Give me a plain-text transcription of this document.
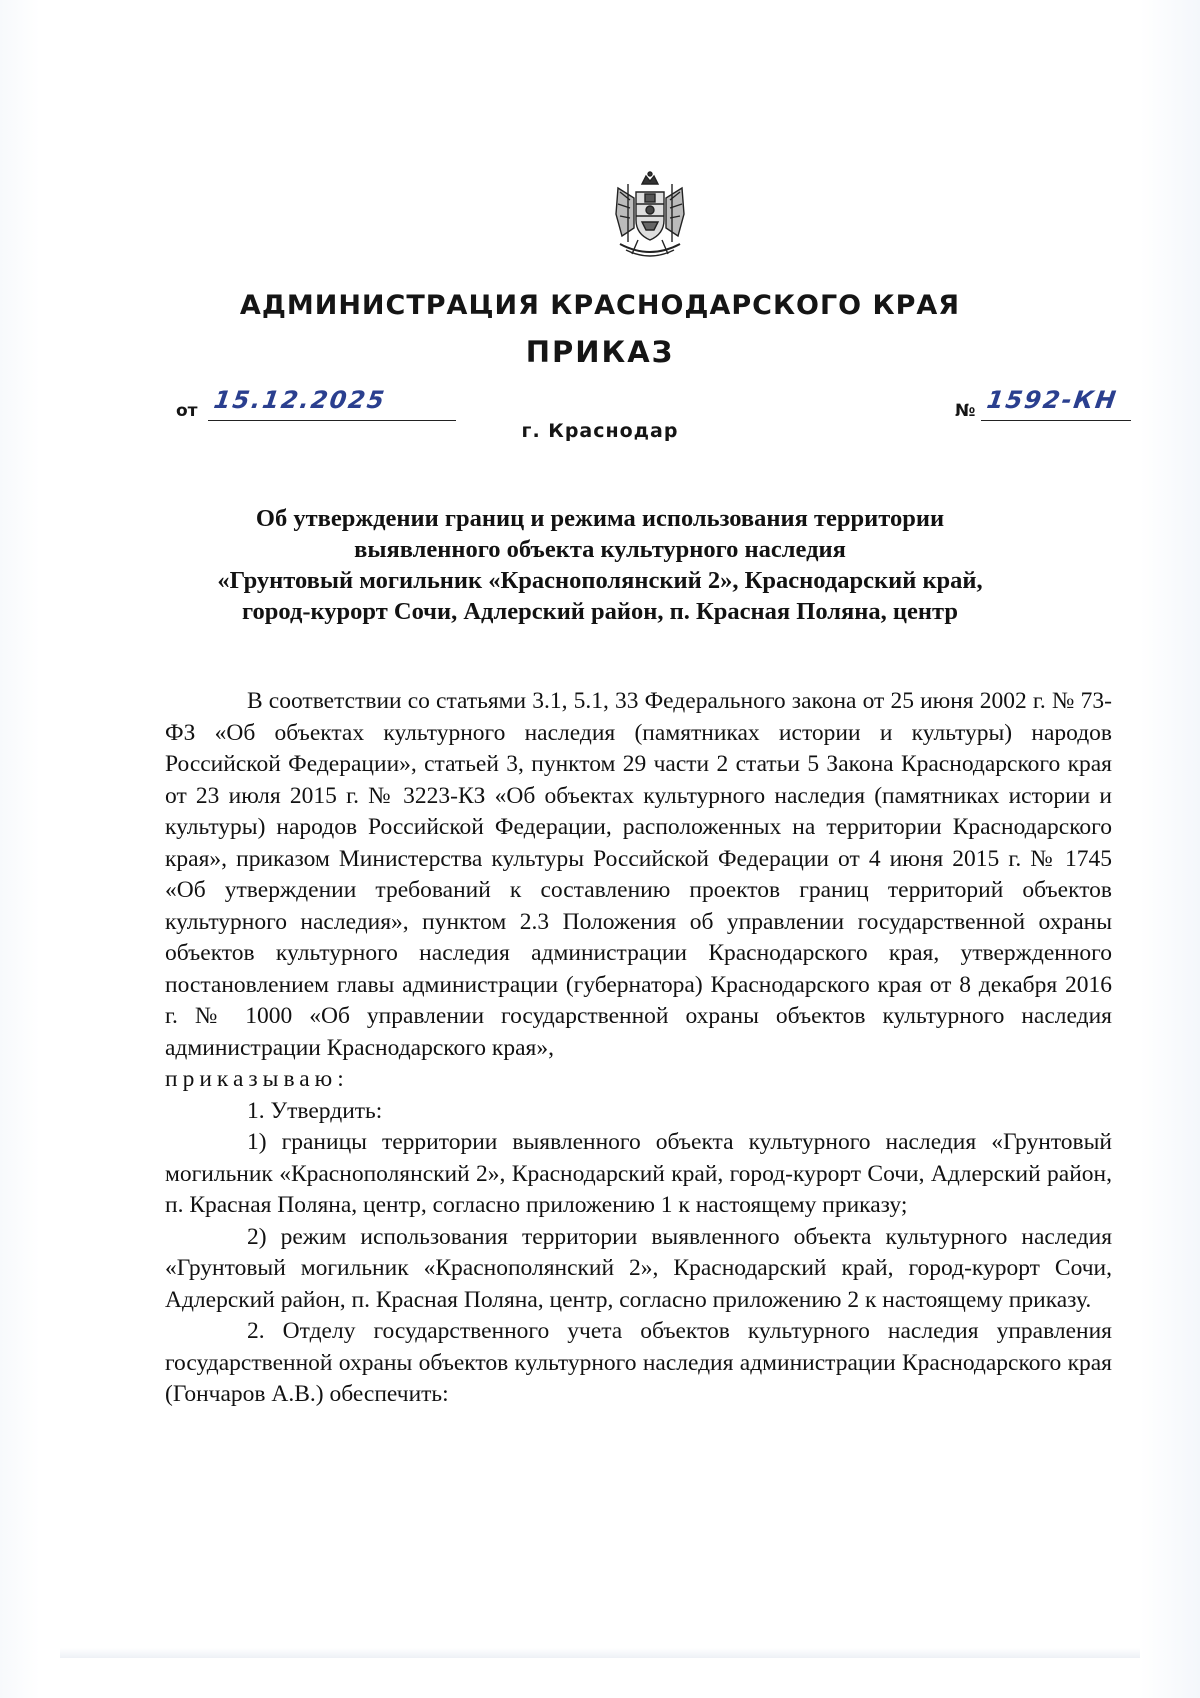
АДМИНИСТРАЦИЯ КРАСНОДАРСКОГО КРАЯ
ПРИКАЗ
от 15.12.2025	№ 1592-КН
г. Краснодар
Об утверждении границ и режима использования территории
выявленного объекта культурного наследия
«Грунтовый могильник «Краснополянский 2», Краснодарский край,
город-курорт Сочи, Адлерский район, п. Красная Поляна, центр

В соответствии со статьями 3.1, 5.1, 33 Федерального закона от 25 июня 2002 г. № 73-ФЗ «Об объектах культурного наследия (памятниках истории и культуры) народов Российской Федерации», статьей 3, пунктом 29 части 2 статьи 5 Закона Краснодарского края от 23 июля 2015 г. № 3223-КЗ «Об объектах культурного наследия (памятниках истории и культуры) народов Российской Федерации, расположенных на территории Краснодарского края», приказом Министерства культуры Российской Федерации от 4 июня 2015 г. № 1745 «Об утверждении требований к составлению проектов границ территорий объектов культурного наследия», пунктом 2.3 Положения об управлении государственной охраны объектов культурного наследия администрации Краснодарского края, утвержденного постановлением главы администрации (губернатора) Краснодарского края от 8 декабря 2016 г. № 1000 «Об управлении государственной охраны объектов культурного наследия администрации Краснодарского края»,

приказываю:

1. Утвердить:

1) границы территории выявленного объекта культурного наследия «Грунтовый могильник «Краснополянский 2», Краснодарский край, город-курорт Сочи, Адлерский район, п. Красная Поляна, центр, согласно приложению 1 к настоящему приказу;

2) режим использования территории выявленного объекта культурного наследия «Грунтовый могильник «Краснополянский 2», Краснодарский край, город-курорт Сочи, Адлерский район, п. Красная Поляна, центр, согласно приложению 2 к настоящему приказу.

2. Отделу государственного учета объектов культурного наследия управления государственной охраны объектов культурного наследия администрации Краснодарского края (Гончаров А.В.) обеспечить:
